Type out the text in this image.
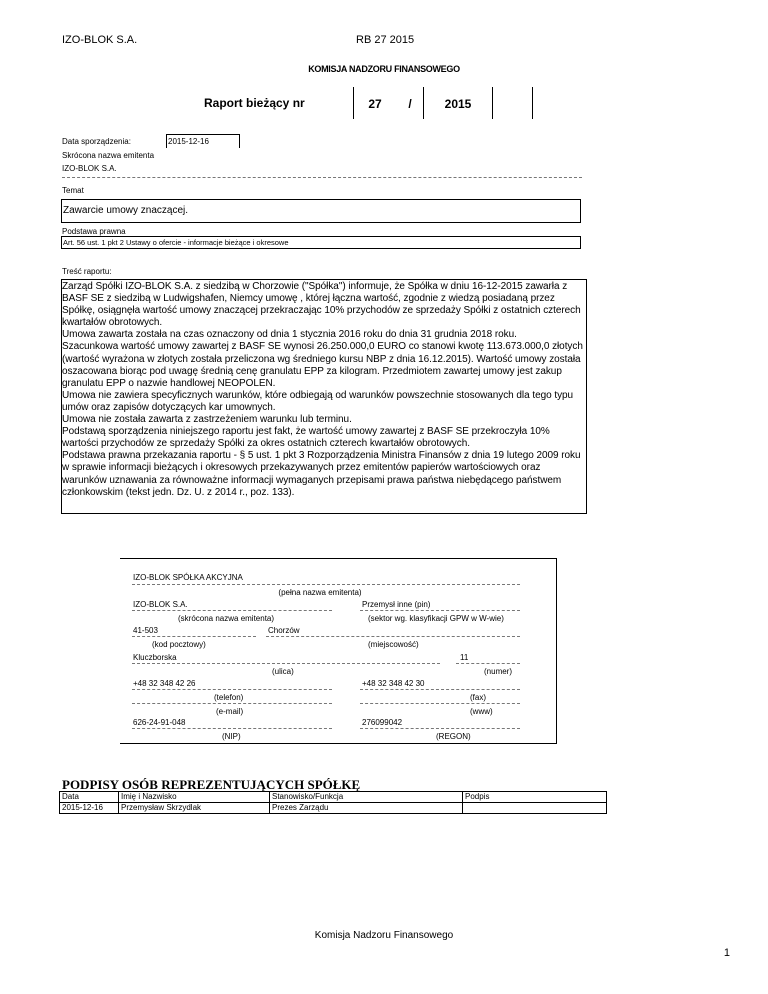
IZO-BLOK S.A.	RB 27 2015
KOMISJA NADZORU FINANSOWEGO
Raport bieżący nr	27	/	2015
Data sporządzenia:	2015-12-16
Skrócona nazwa emitenta
IZO-BLOK S.A.
Temat
Zawarcie umowy znaczącej.
Podstawa prawna
Art. 56 ust. 1 pkt 2 Ustawy o ofercie - informacje bieżące i okresowe
Treść raportu:

Zarząd Spółki IZO-BLOK S.A. z siedzibą w Chorzowie ("Spółka") informuje, że Spółka w dniu 16-12-2015 zawarła z BASF SE z siedzibą w Ludwigshafen, Niemcy umowę , której łączna wartość, zgodnie z wiedzą posiadaną przez Spółkę, osiągnęła wartość umowy znaczącej przekraczając 10% przychodów ze sprzedaży Spółki z ostatnich czterech kwartałów obrotowych.

Umowa zawarta została na czas oznaczony od dnia 1 stycznia 2016 roku do dnia 31 grudnia 2018 roku.

Szacunkowa wartość umowy zawartej z BASF SE wynosi 26.250.000,0 EURO co stanowi kwotę 113.673.000,0 złotych (wartość wyrażona w złotych została przeliczona wg średniego kursu NBP z dnia 16.12.2015). Wartość umowy została oszacowana biorąc pod uwagę średnią cenę granulatu EPP za kilogram. Przedmiotem zawartej umowy jest zakup granulatu EPP o nazwie handlowej NEOPOLEN.

Umowa nie zawiera specyficznych warunków, które odbiegają od warunków powszechnie stosowanych dla tego typu umów oraz zapisów dotyczących kar umownych.

Umowa nie została zawarta z zastrzeżeniem warunku lub terminu.

Podstawą sporządzenia niniejszego raportu jest fakt, że wartość umowy zawartej z BASF SE przekroczyła 10% wartości przychodów ze sprzedaży Spółki za okres ostatnich czterech kwartałów obrotowych.

Podstawa prawna przekazania raportu - § 5 ust. 1 pkt 3 Rozporządzenia Ministra Finansów z dnia 19 lutego 2009 roku w sprawie informacji bieżących i okresowych przekazywanych przez emitentów papierów wartościowych oraz warunków uznawania za równoważne informacji wymaganych przepisami prawa państwa niebędącego państwem członkowskim (tekst jedn. Dz. U. z 2014 r., poz. 133).

IZO-BLOK SPÓŁKA AKCYJNA
(pełna nazwa emitenta)
IZO-BLOK S.A.
(skrócona nazwa emitenta)
Przemysł inne (pin)
(sektor wg. klasyfikacji GPW w W-wie)
41-503
(kod pocztowy)
Chorzów
(miejscowość)
Kluczborska
(ulica)
11
(numer)
+48 32 348 42 26
(telefon)
+48 32 348 42 30
(fax)
(e-mail)	(www)
626-24-91-048
(NIP)
276099042
(REGON)
PODPISY OSÓB REPREZENTUJĄCYCH SPÓŁKĘ
Data	Imię i Nazwisko	Stanowisko/Funkcja	Podpis
2015-12-16	Przemysław Skrzydlak	Prezes Zarządu	
Komisja Nadzoru Finansowego
1
